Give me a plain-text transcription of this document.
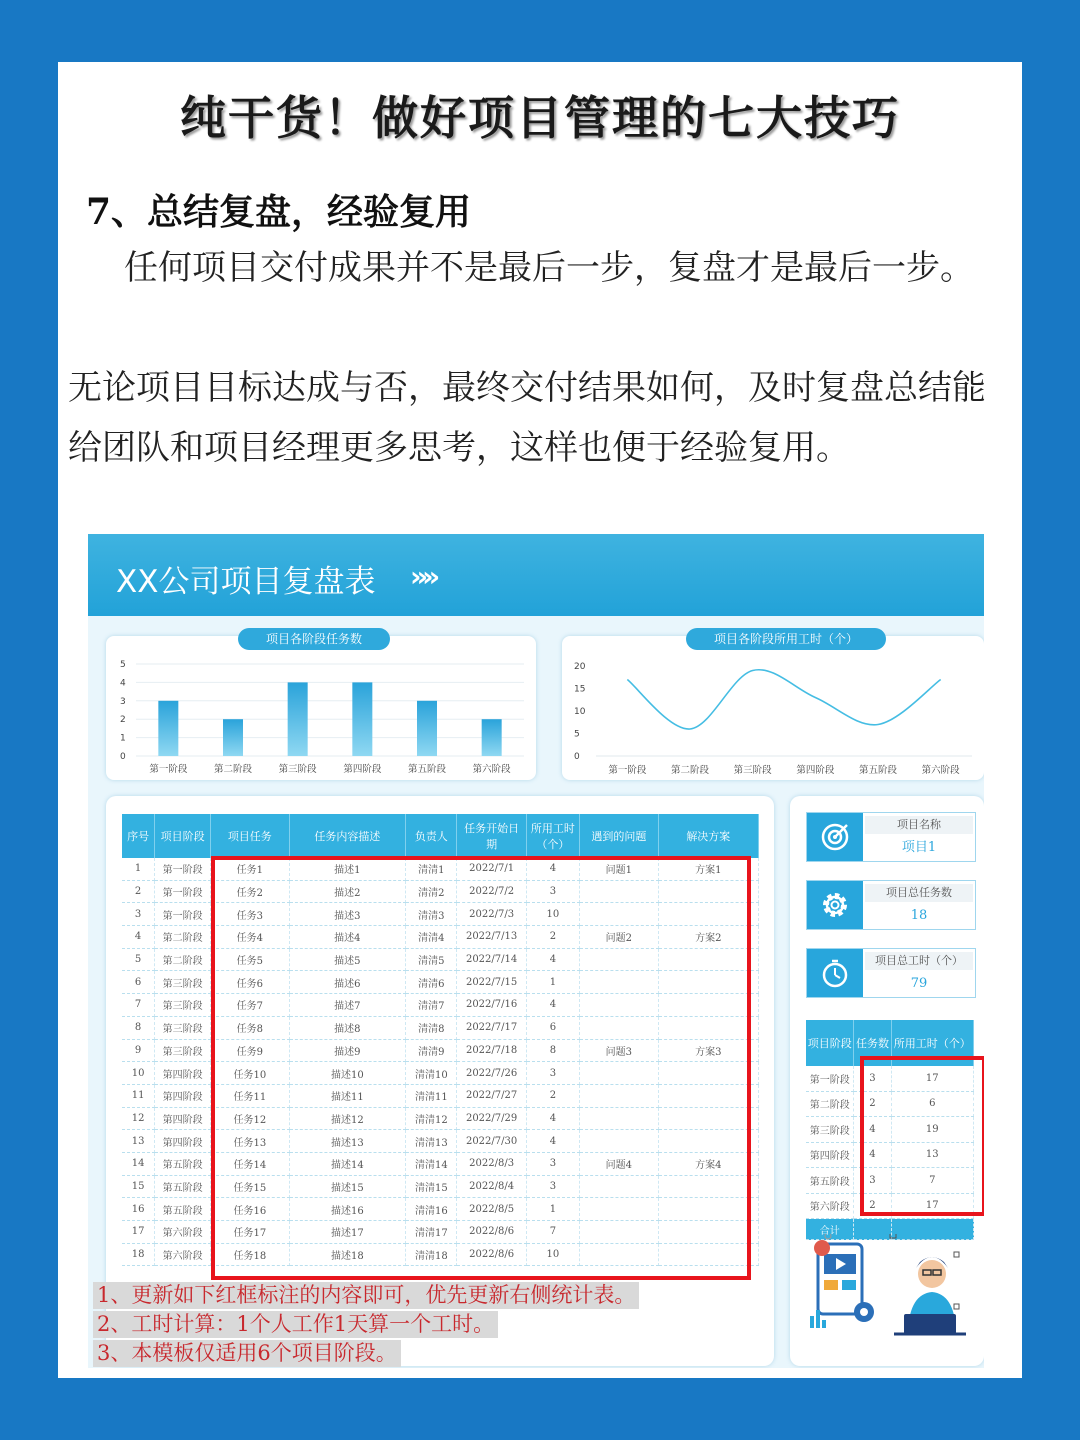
纯干货！做好项目管理的七大技巧
7、总结复盘，经验复用
任何项目交付成果并不是最后一步，复盘才是最后一步。
无论项目目标达成与否，最终交付结果如何，及时复盘总结能给团队和项目经理更多思考，这样也便于经验复用。
XX公司项目复盘表 »»
项目各阶段任务数
0
1
2
3
4
5
第一阶段	第二阶段	第三阶段	第四阶段	第五阶段	第六阶段
项目各阶段所用工时（个）
0
5
10
15
20
第一阶段	第二阶段	第三阶段	第四阶段	第五阶段	第六阶段
序号	项目阶段	项目任务	任务内容描述	负责人	任务开始日期	所用工时（个）	遇到的问题	解决方案
1	第一阶段	任务1	描述1	清清1	2022/7/1	4	问题1	方案1
2	第一阶段	任务2	描述2	清清2	2022/7/2	3		
3	第一阶段	任务3	描述3	清清3	2022/7/3	10		
4	第二阶段	任务4	描述4	清清4	2022/7/13	2	问题2	方案2
5	第二阶段	任务5	描述5	清清5	2022/7/14	4		
6	第三阶段	任务6	描述6	清清6	2022/7/15	1		
7	第三阶段	任务7	描述7	清清7	2022/7/16	4		
8	第三阶段	任务8	描述8	清清8	2022/7/17	6		
9	第三阶段	任务9	描述9	清清9	2022/7/18	8	问题3	方案3
10	第四阶段	任务10	描述10	清清10	2022/7/26	3		
11	第四阶段	任务11	描述11	清清11	2022/7/27	2		
12	第四阶段	任务12	描述12	清清12	2022/7/29	4		
13	第四阶段	任务13	描述13	清清13	2022/7/30	4		
14	第五阶段	任务14	描述14	清清14	2022/8/3	3	问题4	方案4
15	第五阶段	任务15	描述15	清清15	2022/8/4	3		
16	第五阶段	任务16	描述16	清清16	2022/8/5	1		
17	第六阶段	任务17	描述17	清清17	2022/8/6	7		
18	第六阶段	任务18	描述18	清清18	2022/8/6	10		
项目名称
项目1
项目总任务数
18
项目总工时（个）
79
项目阶段	任务数	所用工时（个）
第一阶段	3	17
第二阶段	2	6
第三阶段	4	19
第四阶段	4	13
第五阶段	3	7
第六阶段	2	17
合计		
1、更新如下红框标注的内容即可，优先更新右侧统计表。
2、工时计算：1个人工作1天算一个工时。
3、本模板仅适用6个项目阶段。
